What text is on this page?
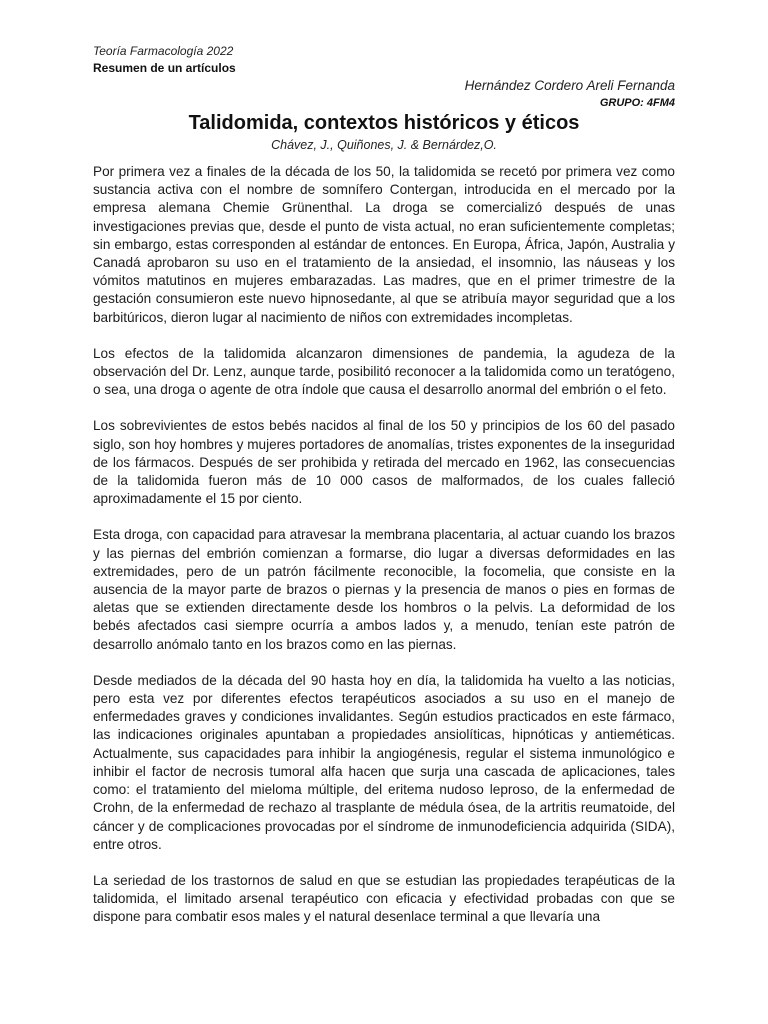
Teoría Farmacología 2022
Resumen de un artículos
Hernández Cordero Areli Fernanda
GRUPO: 4FM4
Talidomida, contextos históricos y éticos
Chávez, J., Quiñones, J. & Bernárdez,O.

Por primera vez a finales de la década de los 50, la talidomida se recetó por primera vez como sustancia activa con el nombre de somnífero Contergan, introducida en el mercado por la empresa alemana Chemie Grünenthal. La droga se comercializó después de unas investigaciones previas que, desde el punto de vista actual, no eran suficientemente completas; sin embargo, estas corresponden al estándar de entonces. En Europa, África, Japón, Australia y Canadá aprobaron su uso en el tratamiento de la ansiedad, el insomnio, las náuseas y los vómitos matutinos en mujeres embarazadas. Las madres, que en el primer trimestre de la gestación consumieron este nuevo hipnosedante, al que se atribuía mayor seguridad que a los barbitúricos, dieron lugar al nacimiento de niños con extremidades incompletas.

Los efectos de la talidomida alcanzaron dimensiones de pandemia, la agudeza de la observación del Dr. Lenz, aunque tarde, posibilitó reconocer a la talidomida como un teratógeno, o sea, una droga o agente de otra índole que causa el desarrollo anormal del embrión o el feto.

Los sobrevivientes de estos bebés nacidos al final de los 50 y principios de los 60 del pasado siglo, son hoy hombres y mujeres portadores de anomalías, tristes exponentes de la inseguridad de los fármacos. Después de ser prohibida y retirada del mercado en 1962, las consecuencias de la talidomida fueron más de 10 000 casos de malformados, de los cuales falleció aproximadamente el 15 por ciento.

Esta droga, con capacidad para atravesar la membrana placentaria, al actuar cuando los brazos y las piernas del embrión comienzan a formarse, dio lugar a diversas deformidades en las extremidades, pero de un patrón fácilmente reconocible, la focomelia, que consiste en la ausencia de la mayor parte de brazos o piernas y la presencia de manos o pies en formas de aletas que se extienden directamente desde los hombros o la pelvis. La deformidad de los bebés afectados casi siempre ocurría a ambos lados y, a menudo, tenían este patrón de desarrollo anómalo tanto en los brazos como en las piernas.

Desde mediados de la década del 90 hasta hoy en día, la talidomida ha vuelto a las noticias, pero esta vez por diferentes efectos terapéuticos asociados a su uso en el manejo de enfermedades graves y condiciones invalidantes. Según estudios practicados en este fármaco, las indicaciones originales apuntaban a propiedades ansiolíticas, hipnóticas y antieméticas. Actualmente, sus capacidades para inhibir la angiogénesis, regular el sistema inmunológico e inhibir el factor de necrosis tumoral alfa hacen que surja una cascada de aplicaciones, tales como: el tratamiento del mieloma múltiple, del eritema nudoso leproso, de la enfermedad de Crohn, de la enfermedad de rechazo al trasplante de médula ósea, de la artritis reumatoide, del cáncer y de complicaciones provocadas por el síndrome de inmunodeficiencia adquirida (SIDA), entre otros.

La seriedad de los trastornos de salud en que se estudian las propiedades terapéuticas de la talidomida, el limitado arsenal terapéutico con eficacia y efectividad probadas con que se dispone para combatir esos males y el natural desenlace terminal a que llevaría una
